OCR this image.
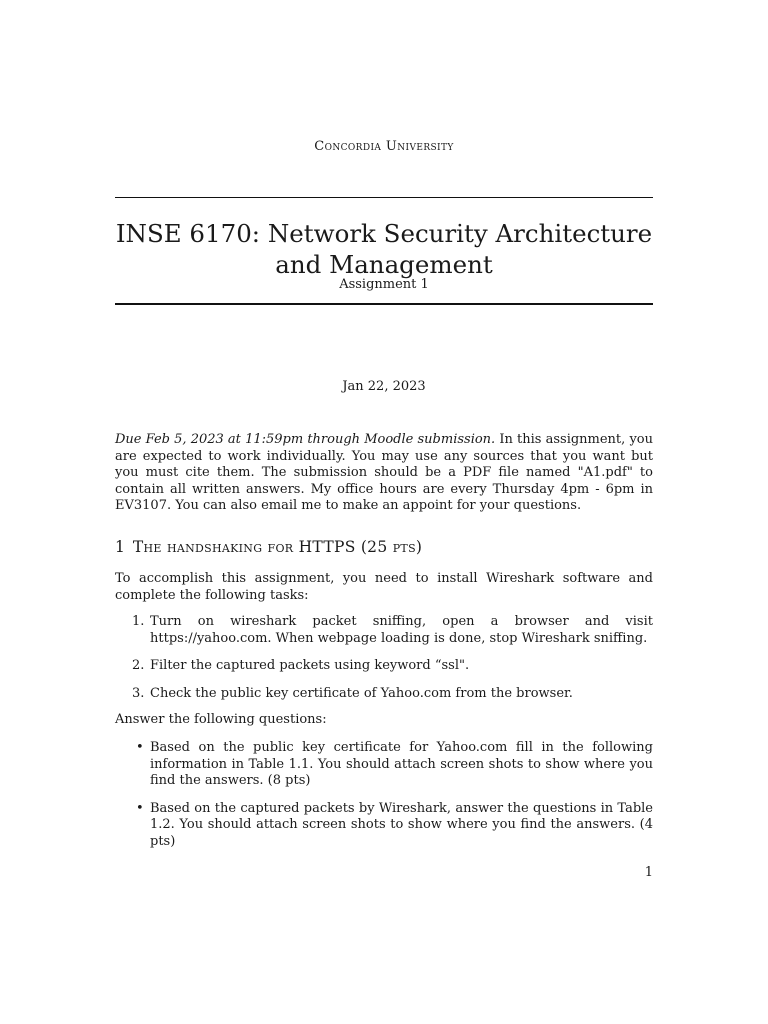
Concordia University
INSE 6170: Network Security Architecture and Management
Assignment 1
Jan 22, 2023

Due Feb 5, 2023 at 11:59pm through Moodle submission. In this assignment, you are expected to work individually. You may use any sources that you want but you must cite them. The submission should be a PDF file named "A1.pdf" to contain all written answers. My office hours are every Thursday 4pm - 6pm in EV3107. You can also email me to make an appoint for your questions.

1 The handshaking for HTTPS (25 pts)

To accomplish this assignment, you need to install Wireshark software and complete the following tasks:

1. Turn on wireshark packet sniffing, open a browser and visit https://yahoo.com. When webpage loading is done, stop Wireshark sniffing.
2. Filter the captured packets using keyword “ssl".
3. Check the public key certificate of Yahoo.com from the browser.

Answer the following questions:

• Based on the public key certificate for Yahoo.com fill in the following information in Table 1.1. You should attach screen shots to show where you find the answers. (8 pts)
• Based on the captured packets by Wireshark, answer the questions in Table 1.2. You should attach screen shots to show where you find the answers. (4 pts)
1
